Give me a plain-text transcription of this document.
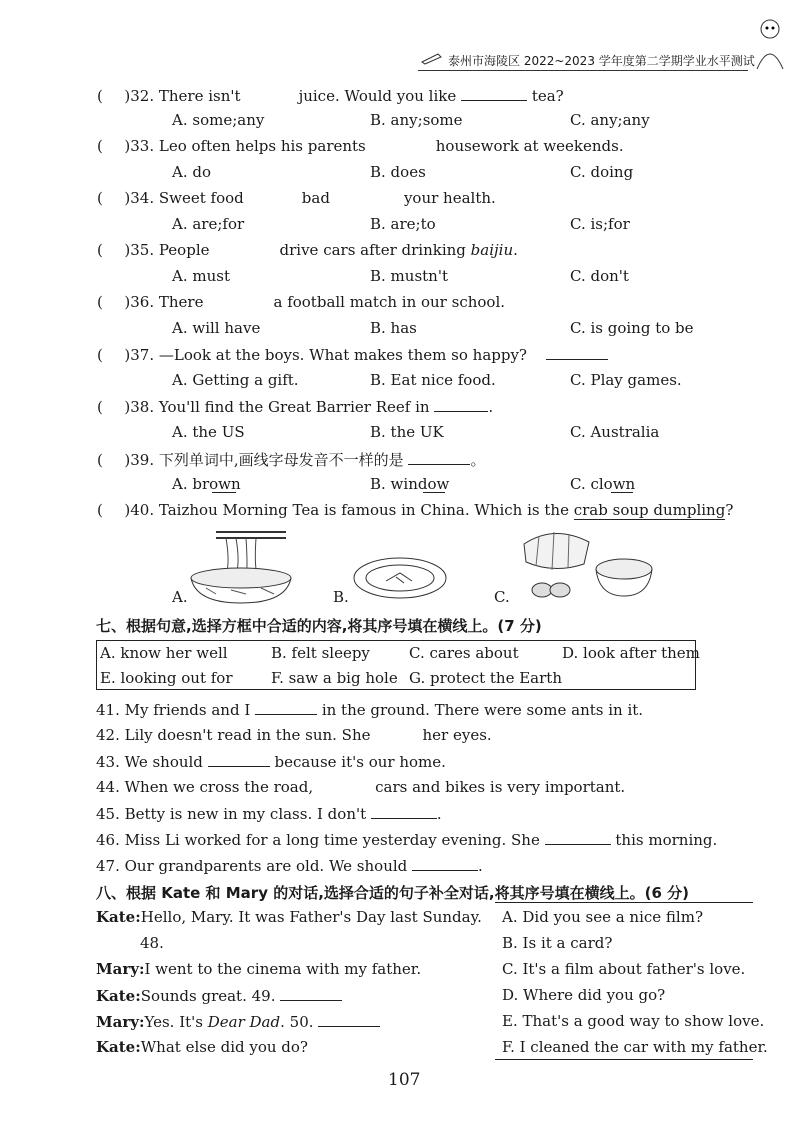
泰州市海陵区 2022~2023 学年度第二学期学业水平测试
(  )32. There isn't	juice. Would you like	tea?
A. some;any	B. any;some	C. any;any
(  )33. Leo often helps his parents	housework at weekends.
A. do	B. does	C. doing
(  )34. Sweet food	bad	your health.
A. are;for	B. are;to	C. is;for
(  )35. People	drive cars after drinking baijiu.
A. must	B. mustn't	C. don't
(  )36. There	a football match in our school.
A. will have	B. has	C. is going to be
(  )37. —Look at the boys. What makes them so happy?
A. Getting a gift.	B. Eat nice food.	C. Play games.
(  )38. You'll find the Great Barrier Reef in	.
A. the US	B. the UK	C. Australia
(  )39. 下列单词中,画线字母发音不一样的是	。
A. brown	B. window	C. clown
(  )40. Taizhou Morning Tea is famous in China. Which is the crab soup dumpling?
A.	B.	C.
七、根据句意,选择方框中合适的内容,将其序号填在横线上。(7 分)
A. know her well	B. felt sleepy	C. cares about	D. look after them
E. looking out for	F. saw a big hole G. protect the Earth
41. My friends and I	in the ground. There were some ants in it.
42. Lily doesn't read in the sun. She	her eyes.
43. We should	because it's our home.
44. When we cross the road,	cars and bikes is very important.
45. Betty is new in my class. I don't	.
46. Miss Li worked for a long time yesterday evening. She	this morning.
47. Our grandparents are old. We should	.
八、根据 Kate 和 Mary 的对话,选择合适的句子补全对话,将其序号填在横线上。(6 分)
Kate:Hello, Mary. It was Father's Day last Sunday.
48.
Mary:I went to the cinema with my father.
Kate:Sounds great. 49.
Mary:Yes. It's Dear Dad. 50.
Kate:What else did you do?
A. Did you see a nice film?
B. Is it a card?
C. It's a film about father's love.
D. Where did you go?
E. That's a good way to show love.
F. I cleaned the car with my father.
107
